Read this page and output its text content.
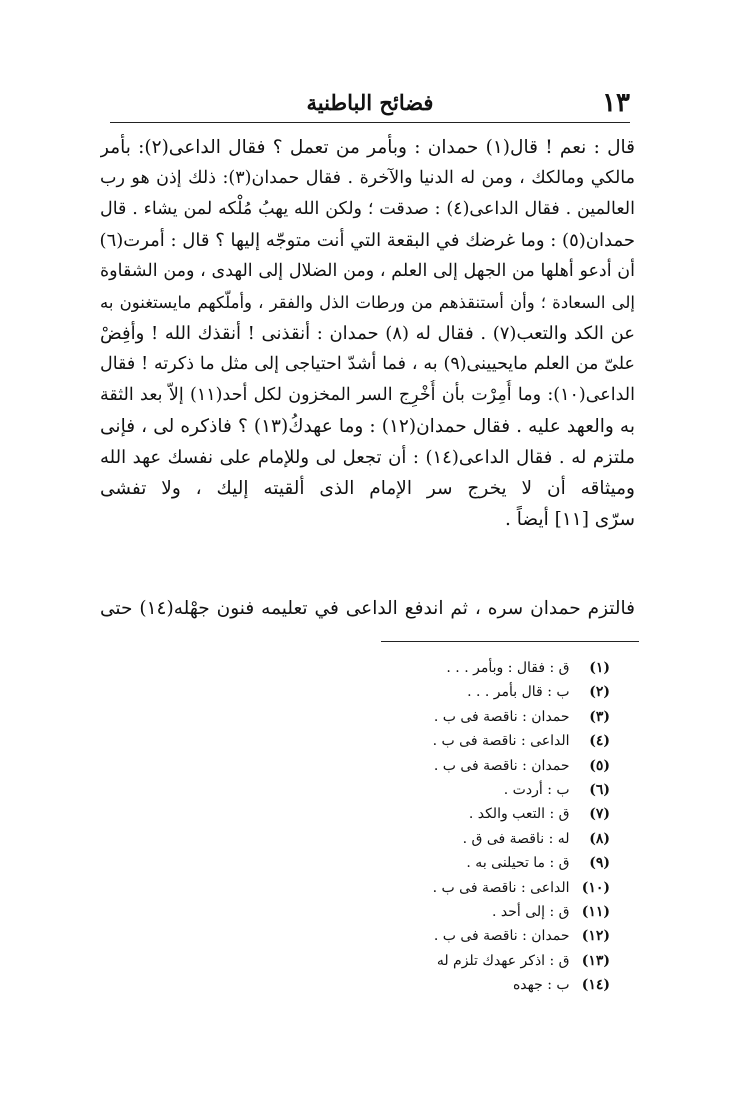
١٣
فضائح الباطنية
قال : نعم ! قال(١) حمدان : وبأمر من تعمل ؟ فقال الداعى(٢): بأمر
مالكي ومالكك ، ومن له الدنيا والآخرة . فقال حمدان(٣): ذلك إذن هو رب
العالمين . فقال الداعى(٤) : صدقت ؛ ولكن الله يهبُ مُلْكه لمن يشاء . قال
حمدان(٥) : وما غرضك في البقعة التي أنت متوجّه إليها ؟ قال : أمرت(٦)
أن أدعو أهلها من الجهل إلى العلم ، ومن الضلال إلى الهدى ، ومن الشقاوة
إلى السعادة ؛ وأن أستنقذهم من ورطات الذل والفقر ، وأملّكهم مايستغنون به
عن الكد والتعب(٧) . فقال له (٨) حمدان : أنقذنى ! أنقذك الله ! وأفِضْ
علىّ من العلم مايحيينى(٩) به ، فما أشدّ احتياجى إلى مثل ما ذكرته ! فقال
الداعى(١٠): وما أُمِرْت بأن أُخْرِج السر المخزون لكل أحد(١١) إلاّ بعد الثقة
به والعهد عليه . فقال حمدان(١٢) : وما عهدكُ(١٣) ؟ فاذكره لى ، فإنى
ملتزم له . فقال الداعى(١٤) : أن تجعل لى وللإمام على نفسك عهد الله
وميثاقه أن لا يخرج سر الإمام الذى ألقيته إليك ، ولا تفشى
سرّى [١١] أيضاً .
فالتزم حمدان سره ، ثم اندفع الداعى في تعليمه فنون جهْله(١٤) حتى
(١) ق : فقال : وبأمر . . .
(٢) ب : قال بأمر . . .
(٣) حمدان : ناقصة فى ب .
(٤) الداعى : ناقصة فى ب .
(٥) حمدان : ناقصة فى ب .
(٦) ب : أردت .
(٧) ق : التعب والكد .
(٨) له : ناقصة فى ق .
(٩) ق : ما تحيلنى به .
(١٠) الداعى : ناقصة فى ب .
(١١) ق : إلى أحد .
(١٢) حمدان : ناقصة فى ب .
(١٣) ق : اذكر عهدك تلزم له
(١٤) ب : جهده
